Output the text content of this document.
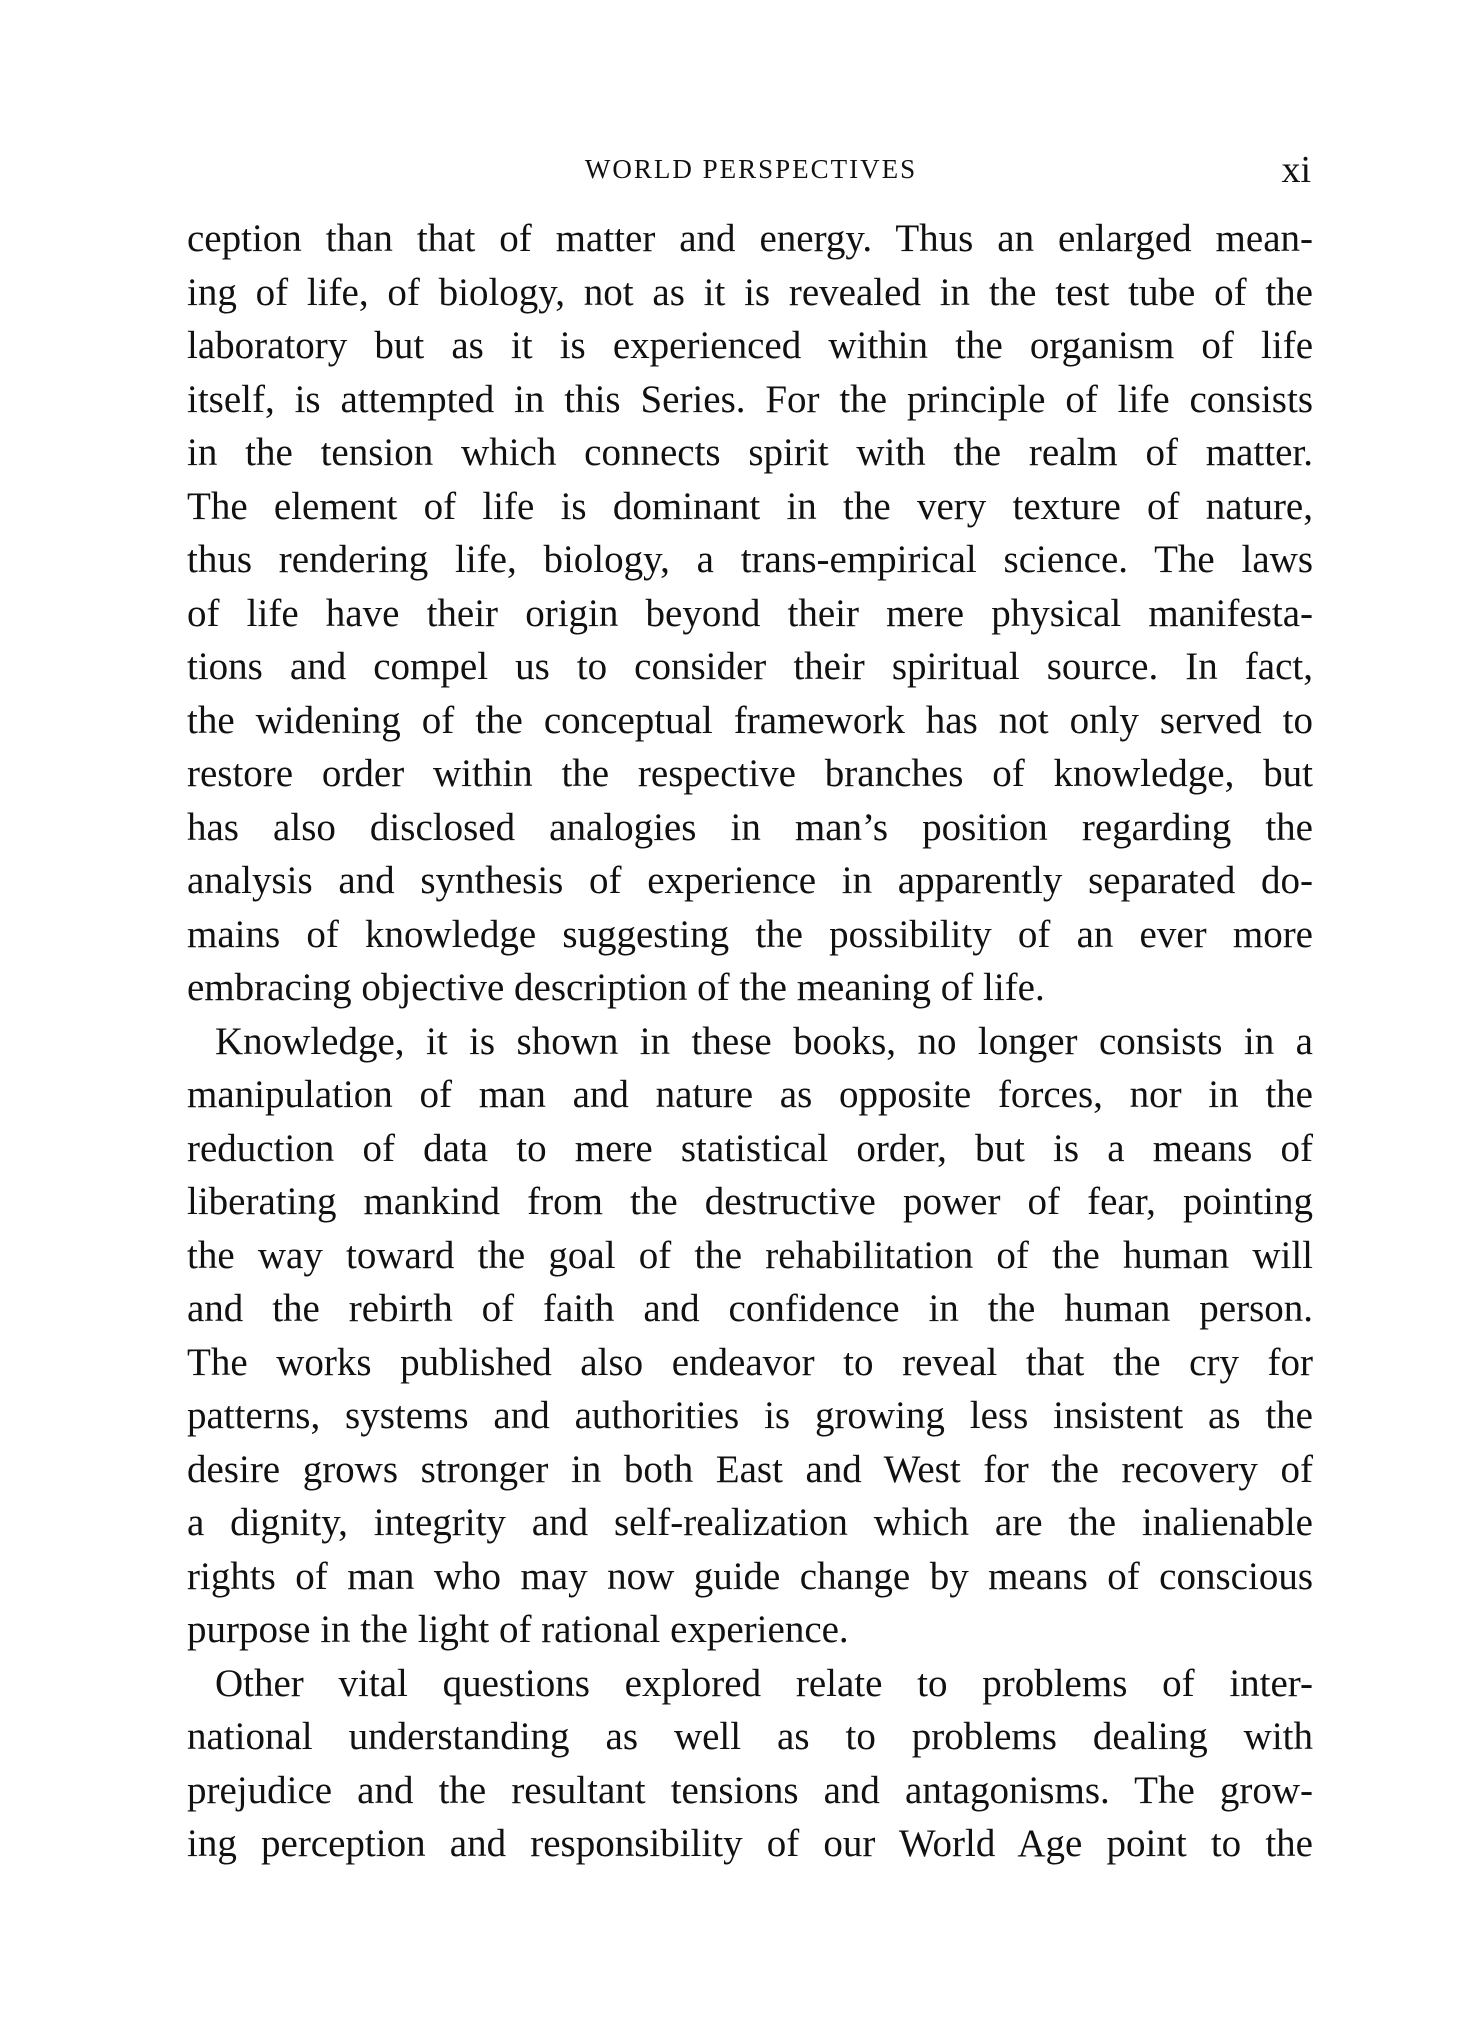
WORLD PERSPECTIVES	xi
ception than that of matter and energy. Thus an enlarged mean-
ing of life, of biology, not as it is revealed in the test tube of the
laboratory but as it is experienced within the organism of life
itself, is attempted in this Series. For the principle of life consists
in the tension which connects spirit with the realm of matter.
The element of life is dominant in the very texture of nature,
thus rendering life, biology, a trans-empirical science. The laws
of life have their origin beyond their mere physical manifesta-
tions and compel us to consider their spiritual source. In fact,
the widening of the conceptual framework has not only served to
restore order within the respective branches of knowledge, but
has also disclosed analogies in man’s position regarding the
analysis and synthesis of experience in apparently separated do-
mains of knowledge suggesting the possibility of an ever more
embracing objective description of the meaning of life.
Knowledge, it is shown in these books, no longer consists in a
manipulation of man and nature as opposite forces, nor in the
reduction of data to mere statistical order, but is a means of
liberating mankind from the destructive power of fear, pointing
the way toward the goal of the rehabilitation of the human will
and the rebirth of faith and confidence in the human person.
The works published also endeavor to reveal that the cry for
patterns, systems and authorities is growing less insistent as the
desire grows stronger in both East and West for the recovery of
a dignity, integrity and self-realization which are the inalienable
rights of man who may now guide change by means of conscious
purpose in the light of rational experience.
Other vital questions explored relate to problems of inter-
national understanding as well as to problems dealing with
prejudice and the resultant tensions and antagonisms. The grow-
ing perception and responsibility of our World Age point to the
